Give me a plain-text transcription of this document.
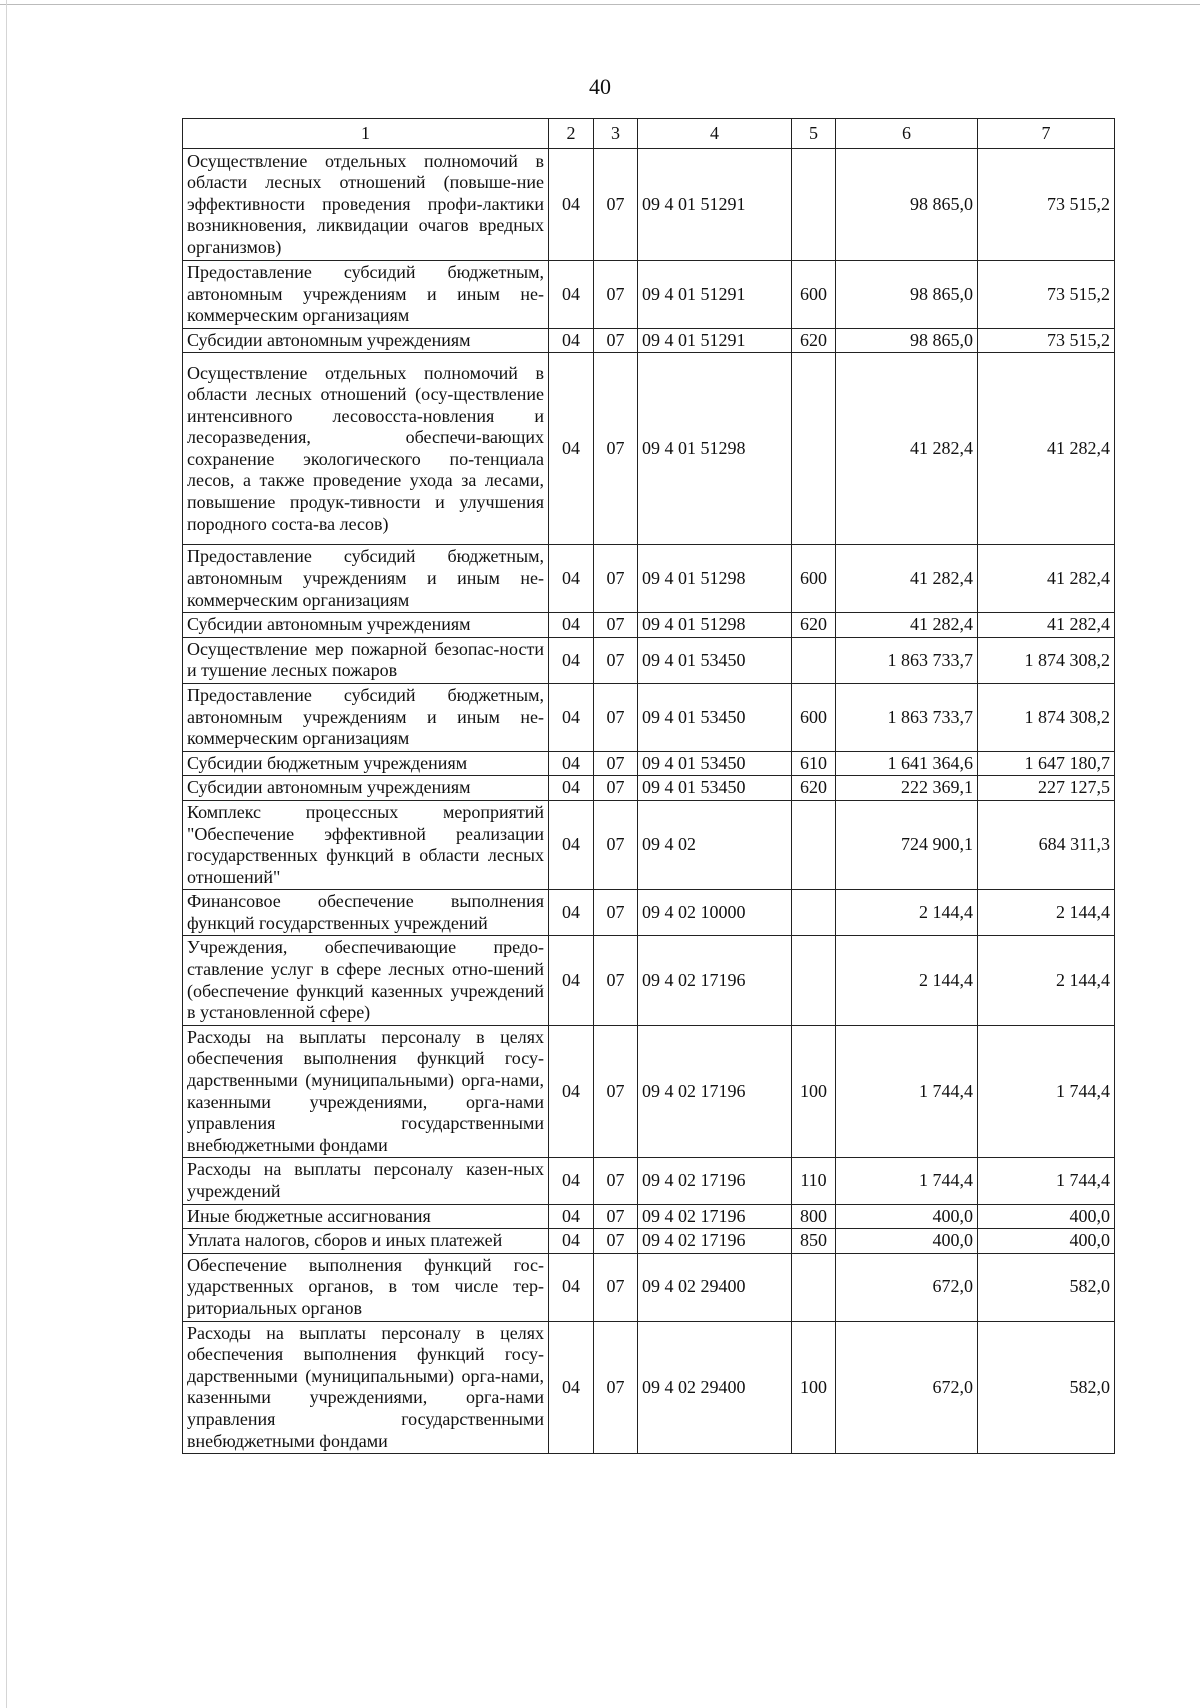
40
1	2	3	4	5	6	7
Осуществление отдельных полномочий в области лесных отношений (повыше-ние эффективности проведения профи-лактики возникновения, ликвидации очагов вредных организмов)	04	07	09 4 01 51291		98 865,0	73 515,2
Предоставление субсидий бюджетным, автономным учреждениям и иным не-коммерческим организациям	04	07	09 4 01 51291	600	98 865,0	73 515,2
Субсидии автономным учреждениям	04	07	09 4 01 51291	620	98 865,0	73 515,2
Осуществление отдельных полномочий в области лесных отношений (осу-ществление интенсивного лесовосста-новления и лесоразведения, обеспечи-вающих сохранение экологического по-тенциала лесов, а также проведение ухода за лесами, повышение продук-тивности и улучшения породного соста-ва лесов)	04	07	09 4 01 51298		41 282,4	41 282,4
Предоставление субсидий бюджетным, автономным учреждениям и иным не-коммерческим организациям	04	07	09 4 01 51298	600	41 282,4	41 282,4
Субсидии автономным учреждениям	04	07	09 4 01 51298	620	41 282,4	41 282,4
Осуществление мер пожарной безопас-ности и тушение лесных пожаров	04	07	09 4 01 53450		1 863 733,7	1 874 308,2
Предоставление субсидий бюджетным, автономным учреждениям и иным не-коммерческим организациям	04	07	09 4 01 53450	600	1 863 733,7	1 874 308,2
Субсидии бюджетным учреждениям	04	07	09 4 01 53450	610	1 641 364,6	1 647 180,7
Субсидии автономным учреждениям	04	07	09 4 01 53450	620	222 369,1	227 127,5
Комплекс процессных мероприятий "Обеспечение эффективной реализации государственных функций в области лесных отношений"	04	07	09 4 02		724 900,1	684 311,3
Финансовое обеспечение выполнения функций государственных учреждений	04	07	09 4 02 10000		2 144,4	2 144,4
Учреждения, обеспечивающие предо-ставление услуг в сфере лесных отно-шений (обеспечение функций казенных учреждений в установленной сфере)	04	07	09 4 02 17196		2 144,4	2 144,4
Расходы на выплаты персоналу в целях обеспечения выполнения функций госу-дарственными (муниципальными) орга-нами, казенными учреждениями, орга-нами управления государственными внебюджетными фондами	04	07	09 4 02 17196	100	1 744,4	1 744,4
Расходы на выплаты персоналу казен-ных учреждений	04	07	09 4 02 17196	110	1 744,4	1 744,4
Иные бюджетные ассигнования	04	07	09 4 02 17196	800	400,0	400,0
Уплата налогов, сборов и иных платежей	04	07	09 4 02 17196	850	400,0	400,0
Обеспечение выполнения функций гос-ударственных органов, в том числе тер-риториальных органов	04	07	09 4 02 29400		672,0	582,0
Расходы на выплаты персоналу в целях обеспечения выполнения функций госу-дарственными (муниципальными) орга-нами, казенными учреждениями, орга-нами управления государственными внебюджетными фондами	04	07	09 4 02 29400	100	672,0	582,0
